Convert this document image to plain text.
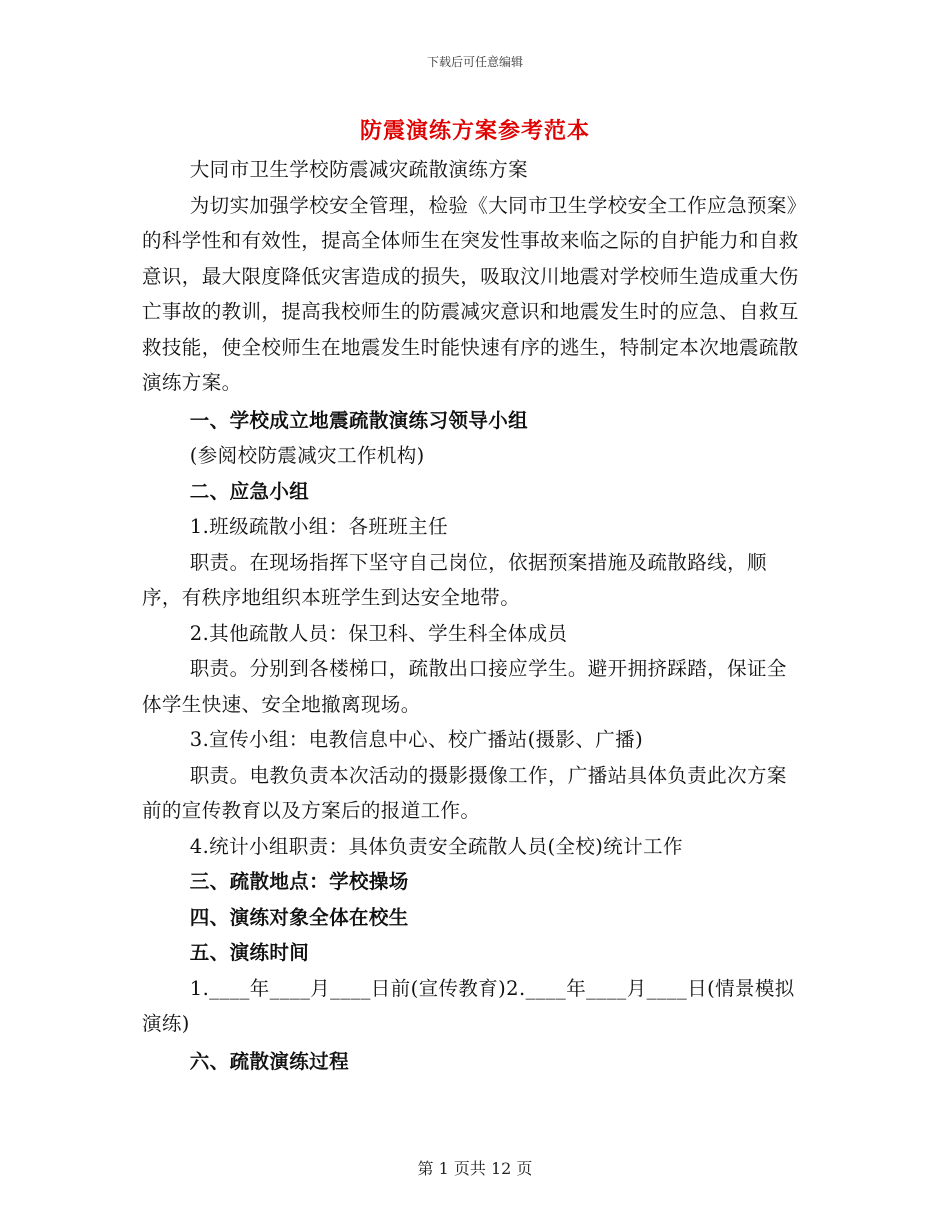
下载后可任意编辑
防震演练方案参考范本

大同市卫生学校防震减灾疏散演练方案

为切实加强学校安全管理，检验《大同市卫生学校安全工作应急预案》的科学性和有效性，提高全体师生在突发性事故来临之际的自护能力和自救意识，最大限度降低灾害造成的损失，吸取汶川地震对学校师生造成重大伤亡事故的教训，提高我校师生的防震减灾意识和地震发生时的应急、自救互救技能，使全校师生在地震发生时能快速有序的逃生，特制定本次地震疏散演练方案。

一、学校成立地震疏散演练习领导小组

(参阅校防震减灾工作机构)

二、应急小组

1.班级疏散小组：各班班主任

职责。在现场指挥下坚守自己岗位，依据预案措施及疏散路线，顺序，有秩序地组织本班学生到达安全地带。

2.其他疏散人员：保卫科、学生科全体成员

职责。分别到各楼梯口，疏散出口接应学生。避开拥挤踩踏，保证全体学生快速、安全地撤离现场。

3.宣传小组：电教信息中心、校广播站(摄影、广播)

职责。电教负责本次活动的摄影摄像工作，广播站具体负责此次方案前的宣传教育以及方案后的报道工作。

4.统计小组职责：具体负责安全疏散人员(全校)统计工作

三、疏散地点：学校操场

四、演练对象全体在校生

五、演练时间

1.____年____月____日前(宣传教育)2.____年____月____日(情景模拟演练)

六、疏散演练过程

第 1 页共 12 页
